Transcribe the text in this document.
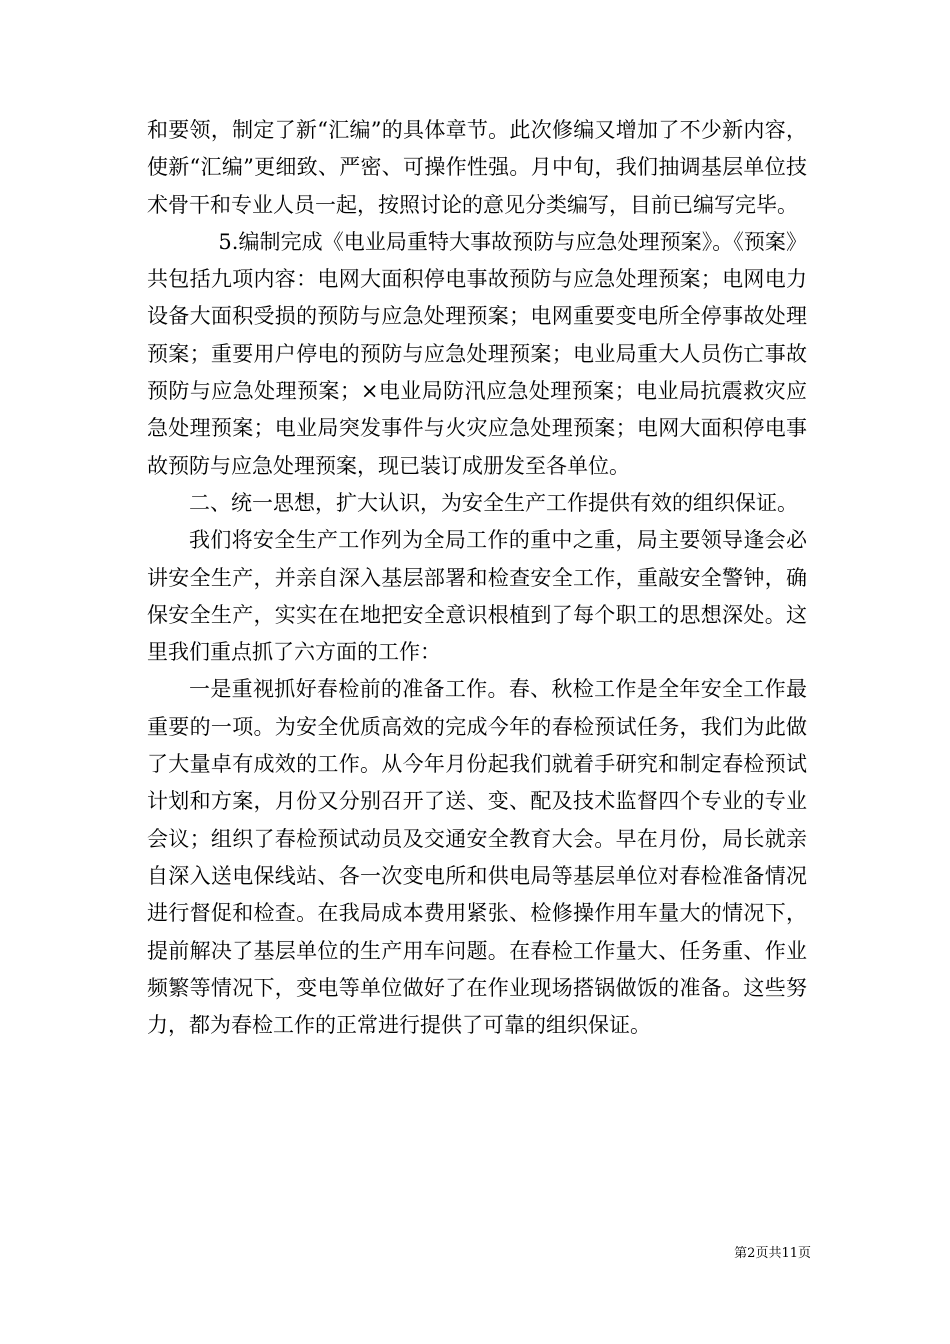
和要领，制定了新“汇编”的具体章节。此次修编又增加了不少新内容，使新“汇编”更细致、严密、可操作性强。月中旬，我们抽调基层单位技术骨干和专业人员一起，按照讨论的意见分类编写，目前已编写完毕。

5.编制完成《电业局重特大事故预防与应急处理预案》。《预案》共包括九项内容：电网大面积停电事故预防与应急处理预案；电网电力设备大面积受损的预防与应急处理预案；电网重要变电所全停事故处理预案；重要用户停电的预防与应急处理预案；电业局重大人员伤亡事故预防与应急处理预案；×电业局防汛应急处理预案；电业局抗震救灾应急处理预案；电业局突发事件与火灾应急处理预案；电网大面积停电事故预防与应急处理预案，现已装订成册发至各单位。

二、统一思想，扩大认识，为安全生产工作提供有效的组织保证。

我们将安全生产工作列为全局工作的重中之重，局主要领导逢会必讲安全生产，并亲自深入基层部署和检查安全工作，重敲安全警钟，确保安全生产，实实在在地把安全意识根植到了每个职工的思想深处。这里我们重点抓了六方面的工作：

一是重视抓好春检前的准备工作。春、秋检工作是全年安全工作最重要的一项。为安全优质高效的完成今年的春检预试任务，我们为此做了大量卓有成效的工作。从今年月份起我们就着手研究和制定春检预试计划和方案，月份又分别召开了送、变、配及技术监督四个专业的专业会议；组织了春检预试动员及交通安全教育大会。早在月份，局长就亲自深入送电保线站、各一次变电所和供电局等基层单位对春检准备情况进行督促和检查。在我局成本费用紧张、检修操作用车量大的情况下，提前解决了基层单位的生产用车问题。在春检工作量大、任务重、作业频繁等情况下，变电等单位做好了在作业现场搭锅做饭的准备。这些努力，都为春检工作的正常进行提供了可靠的组织保证。

第2页共11页
